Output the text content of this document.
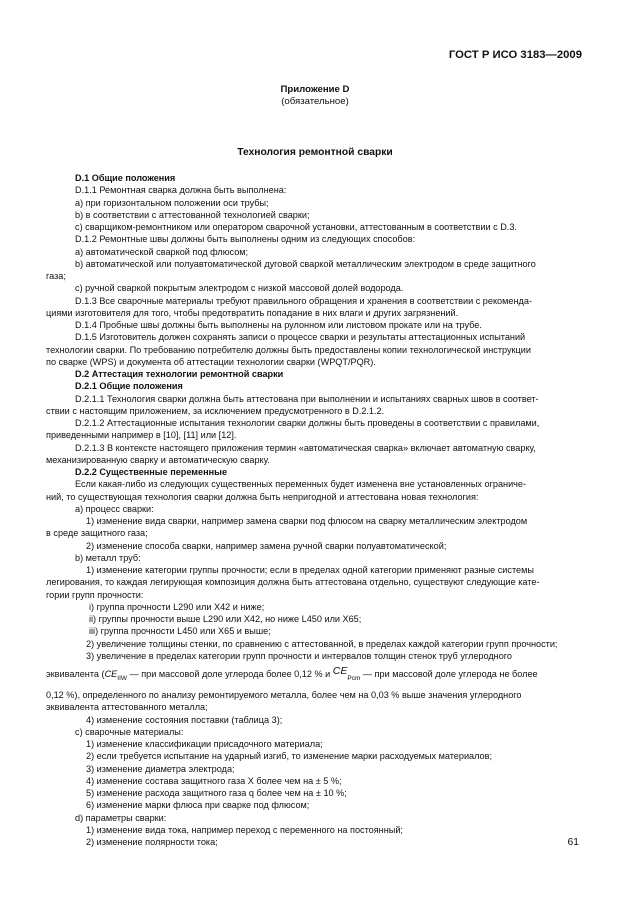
ГОСТ Р ИСО 3183—2009
Приложение D
(обязательное)
Технология ремонтной сварки

D.1 Общие положения

D.1.1 Ремонтная сварка должна быть выполнена:

а) при горизонтальном положении оси трубы;

b) в соответствии с аттестованной технологией сварки;

с) сварщиком-ремонтником или оператором сварочной установки, аттестованным в соответствии с D.3.

D.1.2 Ремонтные швы должны быть выполнены одним из следующих способов:

а) автоматической сваркой под флюсом;

b) автоматической или полуавтоматической дуговой сваркой металлическим электродом в среде защитного

газа;

с) ручной сваркой покрытым электродом с низкой массовой долей водорода.

D.1.3 Все сварочные материалы требуют правильного обращения и хранения в соответствии с рекоменда-

циями изготовителя для того, чтобы предотвратить попадание в них влаги и других загрязнений.

D.1.4 Пробные швы должны быть выполнены на рулонном или листовом прокате или на трубе.

D.1.5 Изготовитель должен сохранять записи о процессе сварки и результаты аттестационных испытаний

технологии сварки. По требованию потребителю должны быть предоставлены копии технологической инструкции

по сварке (WPS) и документа об аттестации технологии сварки (WPQT/PQR).

D.2 Аттестация технологии ремонтной сварки

D.2.1 Общие положения

D.2.1.1 Технология сварки должна быть аттестована при выполнении и испытаниях сварных швов в соответ-

ствии с настоящим приложением, за исключением предусмотренного в D.2.1.2.

D.2.1.2 Аттестационные испытания технологии сварки должны быть проведены в соответствии с правилами,

приведенными например в [10], [11] или [12].

D.2.1.3 В контексте настоящего приложения термин «автоматическая сварка» включает автоматную сварку,

механизированную сварку и автоматическую сварку.

D.2.2 Существенные переменные

Если какая-либо из следующих существенных переменных будет изменена вне установленных ограниче-

ний, то существующая технология сварки должна быть непригодной и аттестована новая технология:

а) процесс сварки:

1) изменение вида сварки, например замена сварки под флюсом на сварку металлическим электродом

в среде защитного газа;

2) изменение способа сварки, например замена ручной сварки полуавтоматической;

b) металл труб:

1) изменение категории группы прочности; если в пределах одной категории применяют разные системы

легирования, то каждая легирующая композиция должна быть аттестована отдельно, существуют следующие кате-

гории групп прочности:

i) группа прочности L290 или X42 и ниже;

ii) группы прочности выше L290 или X42, но ниже L450 или X65;

iii) группа прочности L450 или X65 и выше;

2) увеличение толщины стенки, по сравнению с аттестованной, в пределах каждой категории групп прочности;

3) увеличение в пределах категории групп прочности и интервалов толщин стенок труб углеродного

эквивалента ($CE_{IIW}$ — при массовой доле углерода более 0,12 % и $CE_{Pcm}$ — при массовой доле углерода не более

0,12 %), определенного по анализу ремонтируемого металла, более чем на 0,03 % выше значения углеродного

эквивалента аттестованного металла;

4) изменение состояния поставки (таблица 3);

с) сварочные материалы:

1) изменение классификации присадочного материала;

2) если требуется испытание на ударный изгиб, то изменение марки расходуемых материалов;

3) изменение диаметра электрода;

4) изменение состава защитного газа X более чем на ± 5 %;

5) изменение расхода защитного газа q более чем на ± 10 %;

6) изменение марки флюса при сварке под флюсом;

d) параметры сварки:

1) изменение вида тока, например переход с переменного на постоянный;

2) изменение полярности тока;	61
